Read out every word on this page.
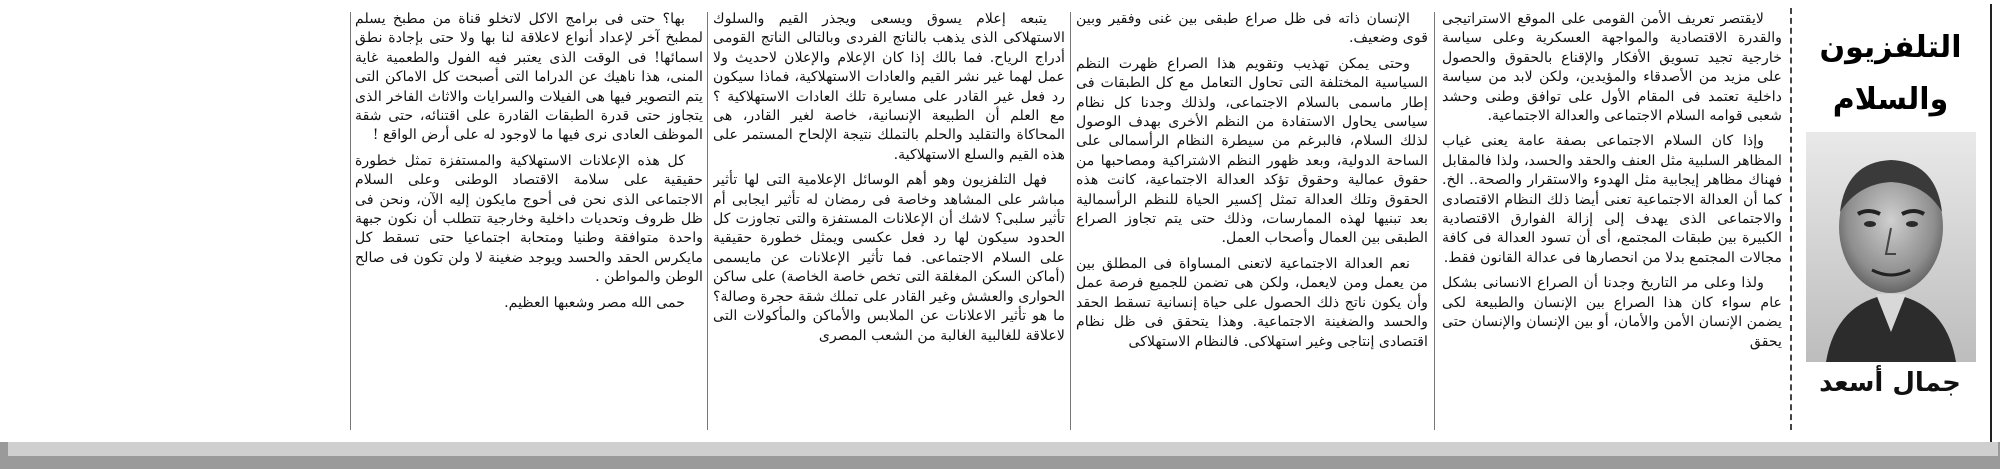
التلفزيون والسلام
جمال أسعد

لايقتصر تعريف الأمن القومى على الموقع الاستراتيجى والقدرة الاقتصادية والمواجهة العسكرية وعلى سياسة خارجية تجيد تسويق الأفكار والإقناع بالحقوق والحصول على مزيد من الأصدقاء والمؤيدين، ولكن لابد من سياسة داخلية تعتمد فى المقام الأول على توافق وطنى وحشد شعبى قوامه السلام الاجتماعى والعدالة الاجتماعية.

وإذا كان السلام الاجتماعى بصفة عامة يعنى غياب المظاهر السلبية مثل العنف والحقد والحسد، ولذا فالمقابل فهناك مظاهر إيجابية مثل الهدوء والاستقرار والصحة.. الخ. كما أن العدالة الاجتماعية تعنى أيضا ذلك النظام الاقتصادى والاجتماعى الذى يهدف إلى إزالة الفوارق الاقتصادية الكبيرة بين طبقات المجتمع، أى أن تسود العدالة فى كافة مجالات المجتمع بدلا من انحصارها فى عدالة القانون فقط.

ولذا وعلى مر التاريخ وجدنا أن الصراع الانسانى بشكل عام سواء كان هذا الصراع بين الإنسان والطبيعة لكى يضمن الإنسان الأمن والأمان، أو بين الإنسان والإنسان حتى يحقق

الإنسان ذاته فى ظل صراع طبقى بين غنى وفقير وبين قوى وضعيف.

وحتى يمكن تهذيب وتقويم هذا الصراع ظهرت النظم السياسية المختلفة التى تحاول التعامل مع كل الطبقات فى إطار ماسمى بالسلام الاجتماعى، ولذلك وجدنا كل نظام سياسى يحاول الاستفادة من النظم الأخرى بهدف الوصول لذلك السلام، فالبرغم من سيطرة النظام الرأسمالى على الساحة الدولية، وبعد ظهور النظم الاشتراكية ومصاحبها من حقوق عمالية وحقوق تؤكد العدالة الاجتماعية، كانت هذه الحقوق وتلك العدالة تمثل إكسير الحياة للنظم الرأسمالية بعد تبنيها لهذه الممارسات، وذلك حتى يتم تجاوز الصراع الطبقى بين العمال وأصحاب العمل.

نعم العدالة الاجتماعية لاتعنى المساواة فى المطلق بين من يعمل ومن لايعمل، ولكن هى تضمن للجميع فرصة عمل وأن يكون ناتج ذلك الحصول على حياة إنسانية تسقط الحقد والحسد والضغينة الاجتماعية. وهذا يتحقق فى ظل نظام اقتصادى إنتاجى وغير استهلاكى. فالنظام الاستهلاكى

يتبعه إعلام يسوق ويسعى ويجذر القيم والسلوك الاستهلاكى الذى يذهب بالناتج الفردى وبالتالى الناتج القومى أدراج الرياح. فما بالك إذا كان الإعلام والإعلان لاحديث ولا عمل لهما غير نشر القيم والعادات الاستهلاكية، فماذا سيكون رد فعل غير القادر على مسايرة تلك العادات الاستهلاكية ؟ مع العلم أن الطبيعة الإنسانية، خاصة لغير القادر، هى المحاكاة والتقليد والحلم بالتملك نتيجة الإلحاح المستمر على هذه القيم والسلع الاستهلاكية.

فهل التلفزيون وهو أهم الوسائل الإعلامية التى لها تأثير مباشر على المشاهد وخاصة فى رمضان له تأثير ايجابى أم تأثير سلبى؟ لاشك أن الإعلانات المستفزة والتى تجاوزت كل الحدود سيكون لها رد فعل عكسى ويمثل خطورة حقيقية على السلام الاجتماعى. فما تأثير الإعلانات عن مايسمى (أماكن السكن المغلقة التى تخص خاصة الخاصة) على ساكن الحوارى والعشش وغير القادر على تملك شقة حجرة وصالة؟ ما هو تأثير الاعلانات عن الملابس والأماكن والمأكولات التى لاعلاقة للغالبية الغالبة من الشعب المصرى

بها؟ حتى فى برامج الاكل لاتخلو قناة من مطبخ يسلم لمطبخ آخر لإعداد أنواع لاعلاقة لنا بها ولا حتى بإجادة نطق اسمائها! فى الوقت الذى يعتبر فيه الفول والطعمية غاية المنى، هذا ناهيك عن الدراما التى أصبحت كل الاماكن التى يتم التصوير فيها هى الفيلات والسرايات والاثاث الفاخر الذى يتجاوز حتى قدرة الطبقات القادرة على اقتنائه، حتى شقة الموظف العادى نرى فيها ما لاوجود له على أرض الواقع !

كل هذه الإعلانات الاستهلاكية والمستفزة تمثل خطورة حقيقية على سلامة الاقتصاد الوطنى وعلى السلام الاجتماعى الذى نحن فى أحوج مايكون إليه الآن، ونحن فى ظل ظروف وتحديات داخلية وخارجية تتطلب أن نكون جبهة واحدة متوافقة وطنيا ومتحابة اجتماعيا حتى تسقط كل مايكرس الحقد والحسد ويوجد ضغينة لا ولن تكون فى صالح الوطن والمواطن .

حمى الله مصر وشعبها العظيم.
